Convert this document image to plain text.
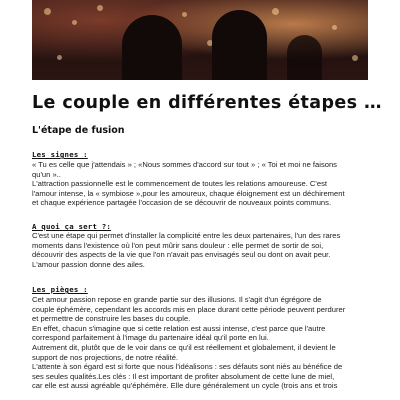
Le couple en différentes étapes …
L'étape de fusion
Les signes :
« Tu es celle que j'attendais » ; «Nous sommes d'accord sur tout » ; « Toi et moi ne faisons
qu'un »..
L'attraction passionnelle est le commencement de toutes les relations amoureuse. C'est
l'amour intense, la « symbiose »,pour les amoureux, chaque éloignement est un déchirement
et chaque expérience partagée l'occasion de se découvrir de nouveaux points communs.
A quoi ça sert ?:
C'est une étape qui permet d'installer la complicité entre les deux partenaires, l'un des rares
moments dans l'existence où l'on peut mûrir sans douleur : elle permet de sortir de soi,
découvrir des aspects de la vie que l'on n'avait pas envisagés seul ou dont on avait peur.
L'amour passion donne des ailes.
Les pièges :
Cet amour passion repose en grande partie sur des illusions. Il s'agit d'un égrégore de
couple éphémère, cependant les accords mis en place durant cette période peuvent perdurer
et permettre de construire les bases du couple.
En effet, chacun s'imagine que si cette relation est aussi intense, c'est parce que l'autre
correspond parfaitement à l'image du partenaire idéal qu'il porte en lui.
Autrement dit, plutôt que de le voir dans ce qu'il est réellement et globalement, il devient le
support de nos projections, de notre réalité.
L'attente à son égard est si forte que nous l'idéalisons : ses défauts sont niés au bénéfice de
ses seules qualités.Les clés : Il est important de profiter absolument de cette lune de miel,
car elle est aussi agréable qu'éphémère. Elle dure généralement un cycle (trois ans et trois
